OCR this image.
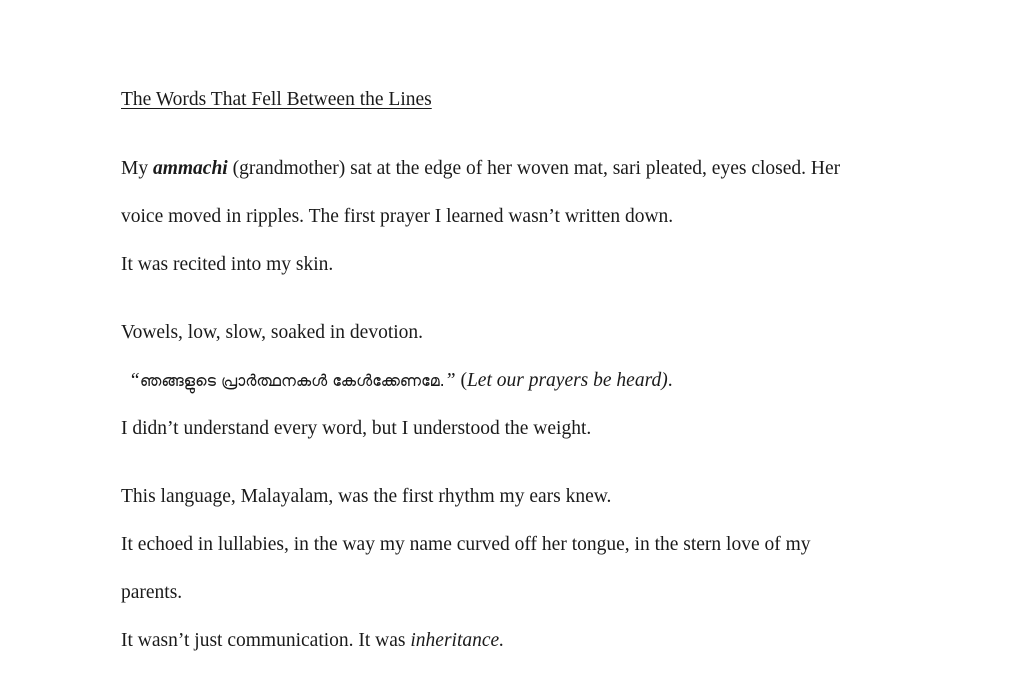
The Words That Fell Between the Lines
My ammachi (grandmother) sat at the edge of her woven mat, sari pleated, eyes closed. Her
voice moved in ripples. The first prayer I learned wasn’t written down.
It was recited into my skin.
Vowels, low, slow, soaked in devotion.
“ഞങ്ങളുടെ പ്രാർത്ഥനകൾ കേൾക്കേണമേ.” (Let our prayers be heard).
I didn’t understand every word, but I understood the weight.
This language, Malayalam, was the first rhythm my ears knew.
It echoed in lullabies, in the way my name curved off her tongue, in the stern love of my
parents.
It wasn’t just communication. It was inheritance.
